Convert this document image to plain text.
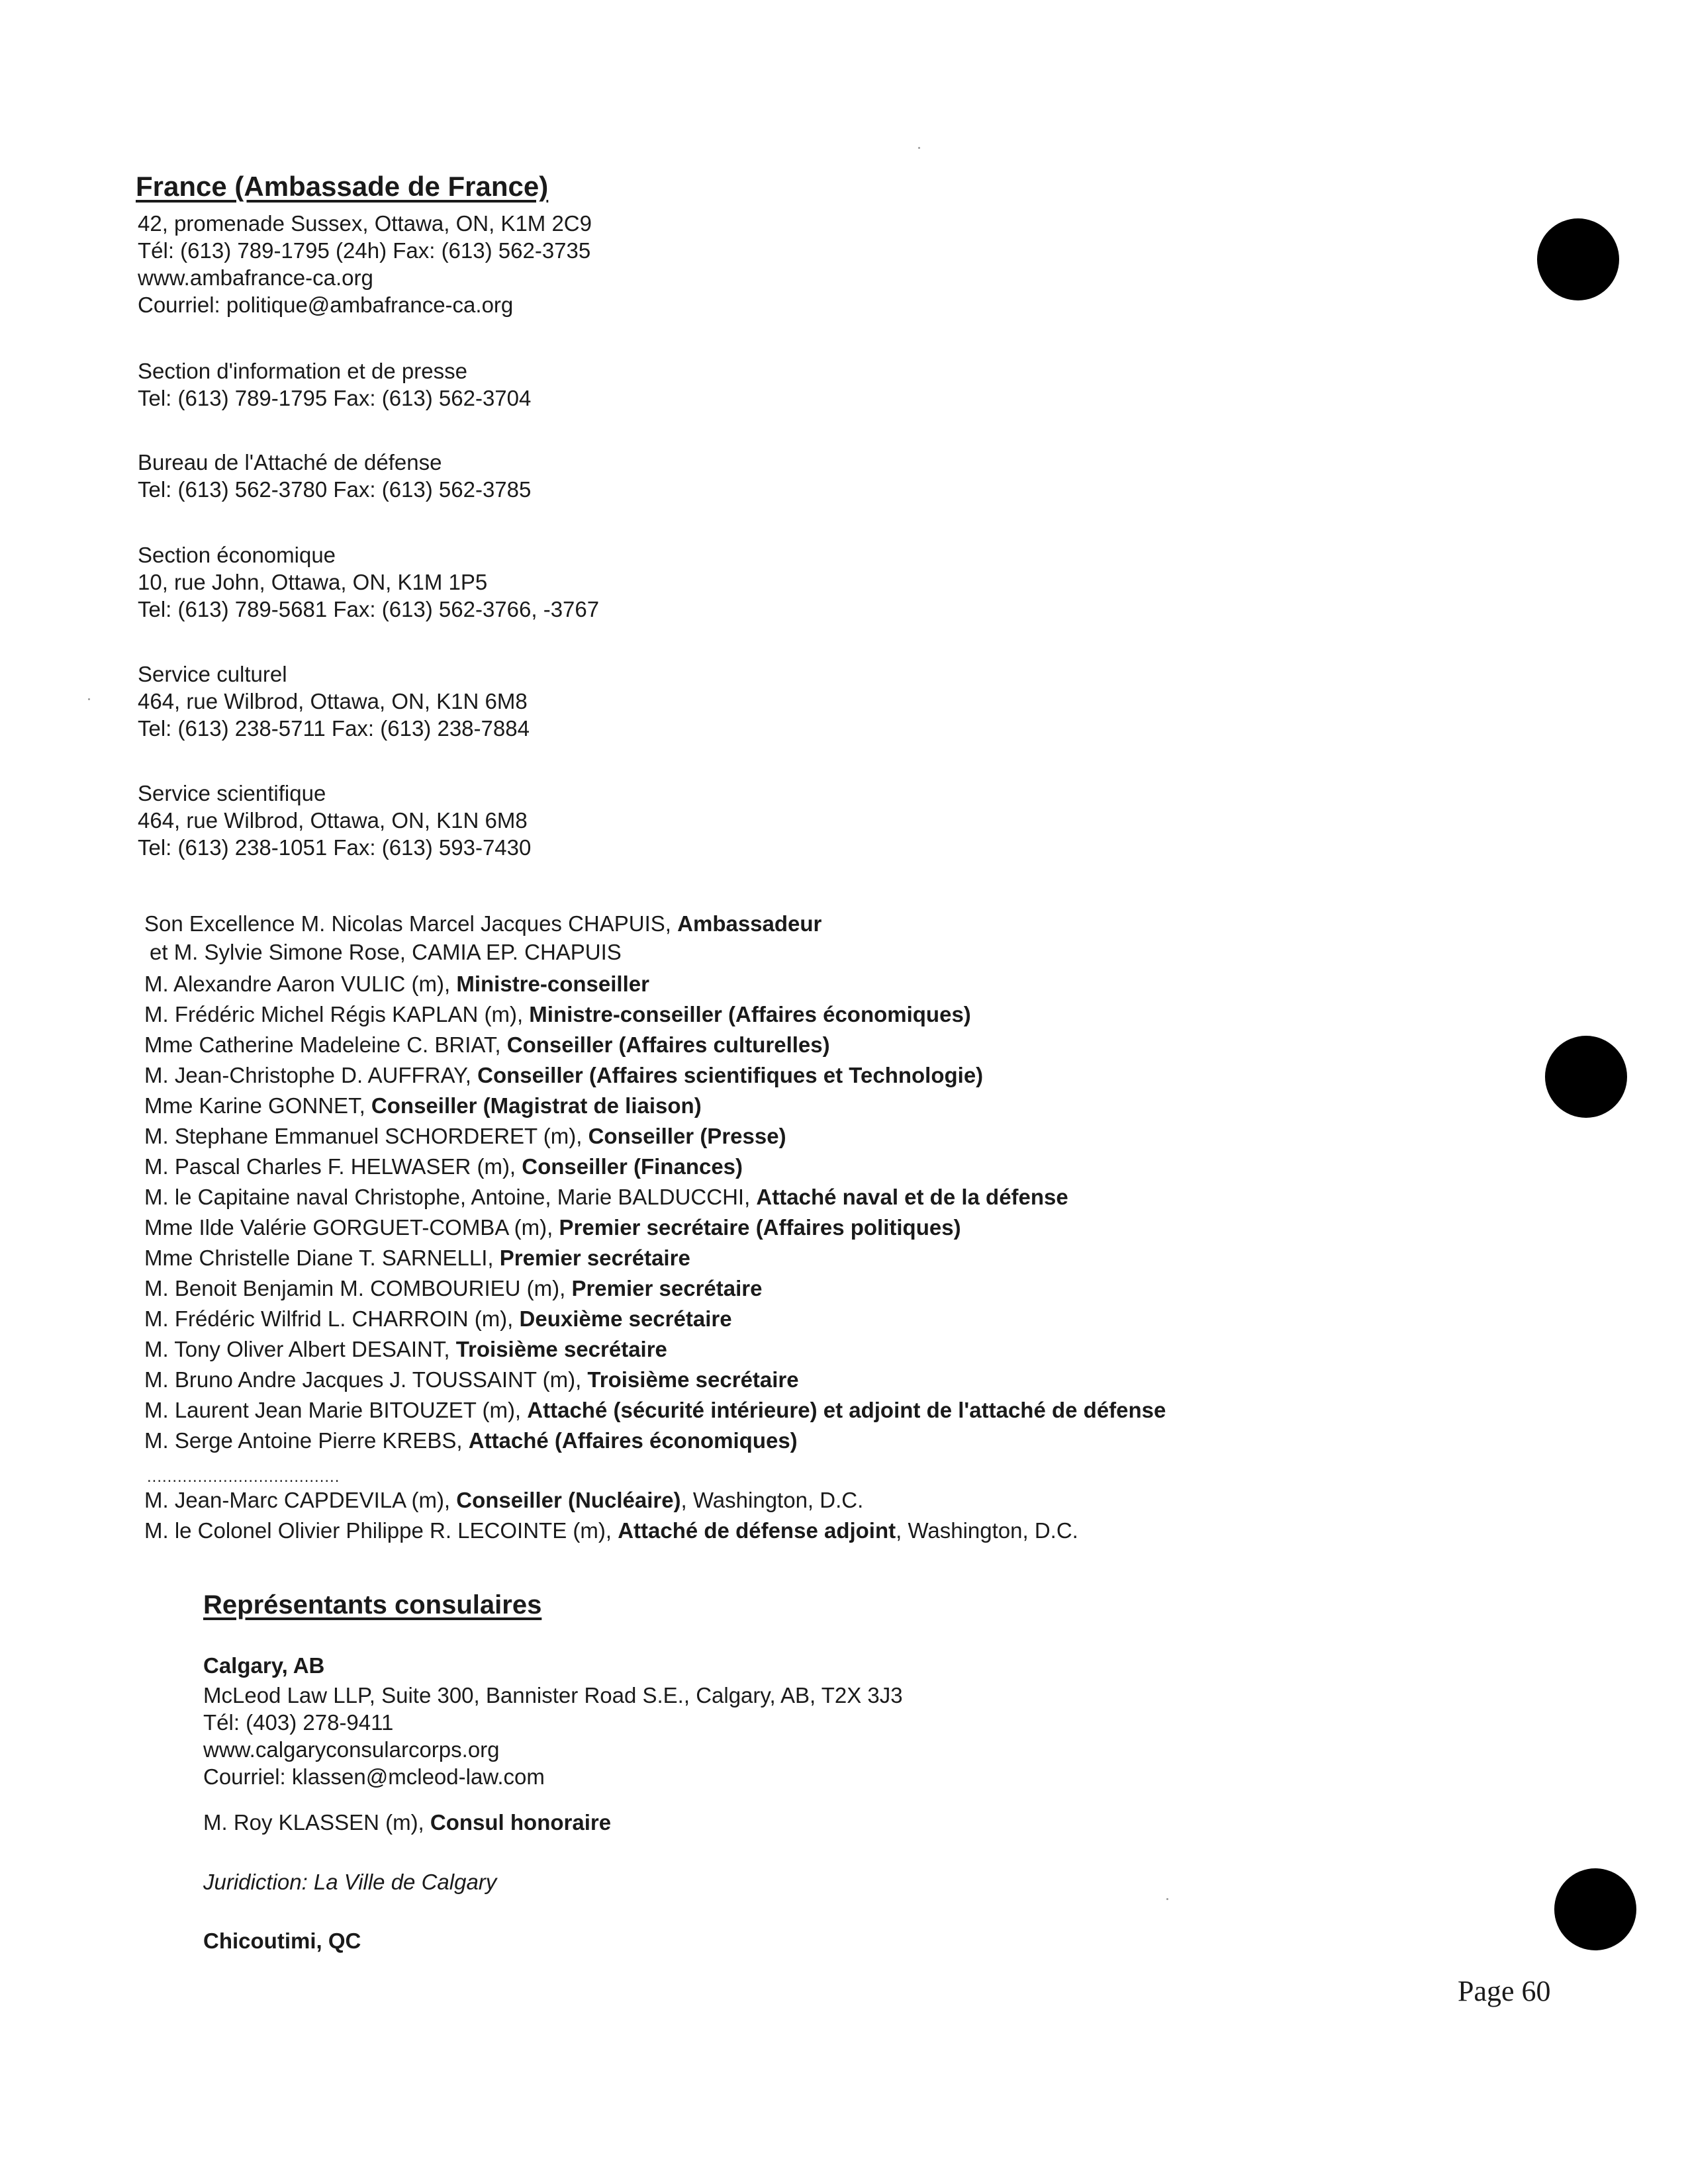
France (Ambassade de France)
42, promenade Sussex, Ottawa, ON, K1M 2C9
Tél: (613) 789-1795 (24h) Fax: (613) 562-3735
www.ambafrance-ca.org
Courriel: politique@ambafrance-ca.org
Section d'information et de presse
Tel: (613) 789-1795 Fax: (613) 562-3704
Bureau de l'Attaché de défense
Tel: (613) 562-3780 Fax: (613) 562-3785
Section économique
10, rue John, Ottawa, ON, K1M 1P5
Tel: (613) 789-5681 Fax: (613) 562-3766, -3767
Service culturel
464, rue Wilbrod, Ottawa, ON, K1N 6M8
Tel: (613) 238-5711 Fax: (613) 238-7884
Service scientifique
464, rue Wilbrod, Ottawa, ON, K1N 6M8
Tel: (613) 238-1051 Fax: (613) 593-7430
Son Excellence M. Nicolas Marcel Jacques CHAPUIS, Ambassadeur
et M. Sylvie Simone Rose, CAMIA EP. CHAPUIS
M. Alexandre Aaron VULIC (m), Ministre-conseiller
M. Frédéric Michel Régis KAPLAN (m), Ministre-conseiller (Affaires économiques)
Mme Catherine Madeleine C. BRIAT, Conseiller (Affaires culturelles)
M. Jean-Christophe D. AUFFRAY, Conseiller (Affaires scientifiques et Technologie)
Mme Karine GONNET, Conseiller (Magistrat de liaison)
M. Stephane Emmanuel SCHORDERET (m), Conseiller (Presse)
M. Pascal Charles F. HELWASER (m), Conseiller (Finances)
M. le Capitaine naval Christophe, Antoine, Marie BALDUCCHI, Attaché naval et de la défense
Mme Ilde Valérie GORGUET-COMBA (m), Premier secrétaire (Affaires politiques)
Mme Christelle Diane T. SARNELLI, Premier secrétaire
M. Benoit Benjamin M. COMBOURIEU (m), Premier secrétaire
M. Frédéric Wilfrid L. CHARROIN (m), Deuxième secrétaire
M. Tony Oliver Albert DESAINT, Troisième secrétaire
M. Bruno Andre Jacques J. TOUSSAINT (m), Troisième secrétaire
M. Laurent Jean Marie BITOUZET (m), Attaché (sécurité intérieure) et adjoint de l'attaché de défense
M. Serge Antoine Pierre KREBS, Attaché (Affaires économiques)
......................................
M. Jean-Marc CAPDEVILA (m), Conseiller (Nucléaire), Washington, D.C.
M. le Colonel Olivier Philippe R. LECOINTE (m), Attaché de défense adjoint, Washington, D.C.
Représentants consulaires
Calgary, AB
McLeod Law LLP, Suite 300, Bannister Road S.E., Calgary, AB, T2X 3J3
Tél: (403) 278-9411
www.calgaryconsularcorps.org
Courriel: klassen@mcleod-law.com
M. Roy KLASSEN (m), Consul honoraire
Juridiction: La Ville de Calgary
Chicoutimi, QC
Page 60
